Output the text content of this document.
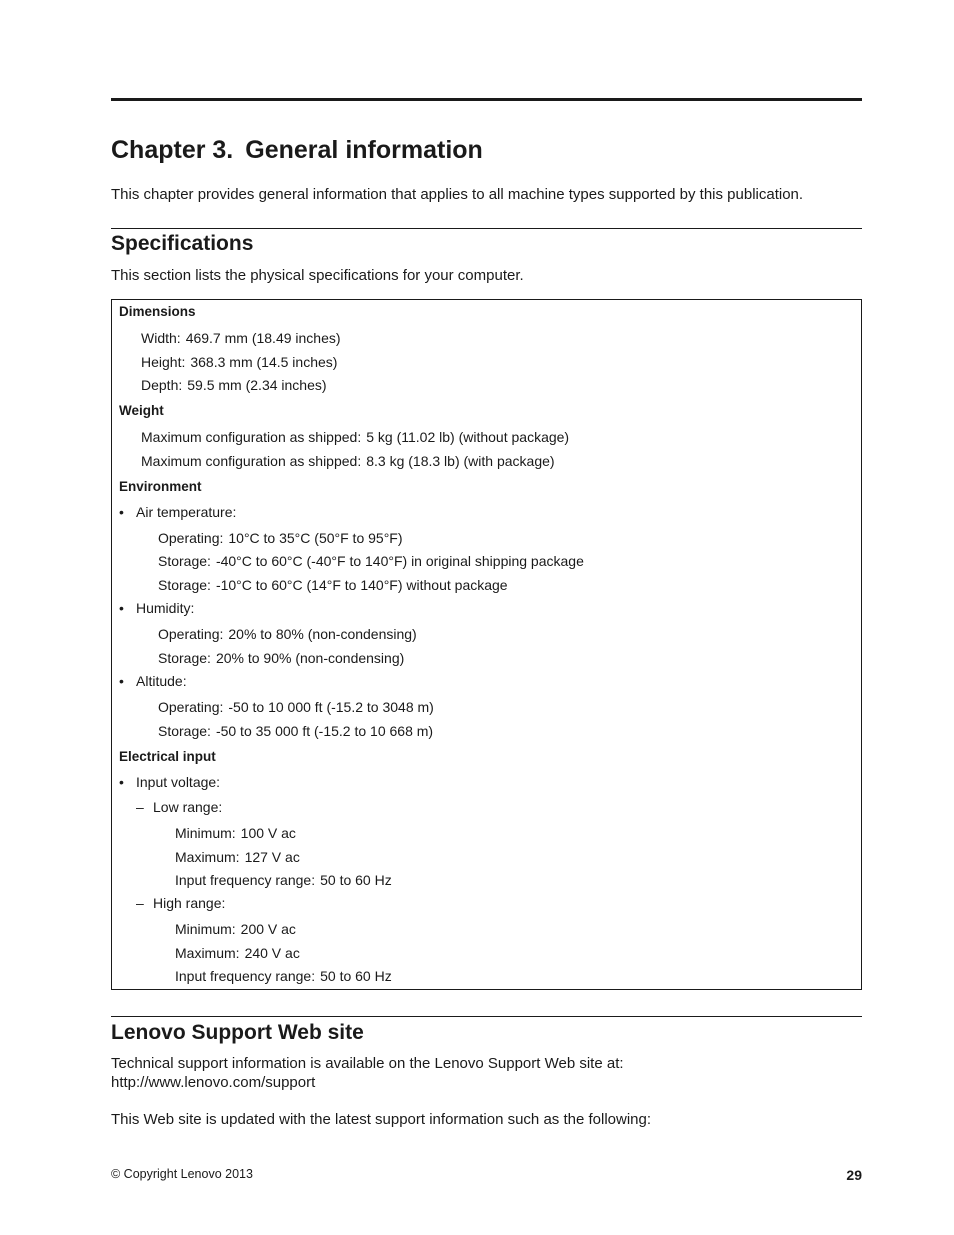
Chapter 3. General information

This chapter provides general information that applies to all machine types supported by this publication.

Specifications

This section lists the physical specifications for your computer.

Dimensions
Width: 469.7 mm (18.49 inches)
Height: 368.3 mm (14.5 inches)
Depth: 59.5 mm (2.34 inches)
Weight
Maximum configuration as shipped: 5 kg (11.02 lb) (without package)
Maximum configuration as shipped: 8.3 kg (18.3 lb) (with package)
Environment
• Air temperature:
Operating: 10°C to 35°C (50°F to 95°F)
Storage: -40°C to 60°C (-40°F to 140°F) in original shipping package
Storage: -10°C to 60°C (14°F to 140°F) without package
• Humidity:
Operating: 20% to 80% (non-condensing)
Storage: 20% to 90% (non-condensing)
• Altitude:
Operating: -50 to 10 000 ft (-15.2 to 3048 m)
Storage: -50 to 35 000 ft (-15.2 to 10 668 m)
Electrical input
• Input voltage:
– Low range:
Minimum: 100 V ac
Maximum: 127 V ac
Input frequency range: 50 to 60 Hz
– High range:
Minimum: 200 V ac
Maximum: 240 V ac
Input frequency range: 50 to 60 Hz
Lenovo Support Web site

Technical support information is available on the Lenovo Support Web site at:

http://www.lenovo.com/support

This Web site is updated with the latest support information such as the following:

© Copyright Lenovo 2013	29
